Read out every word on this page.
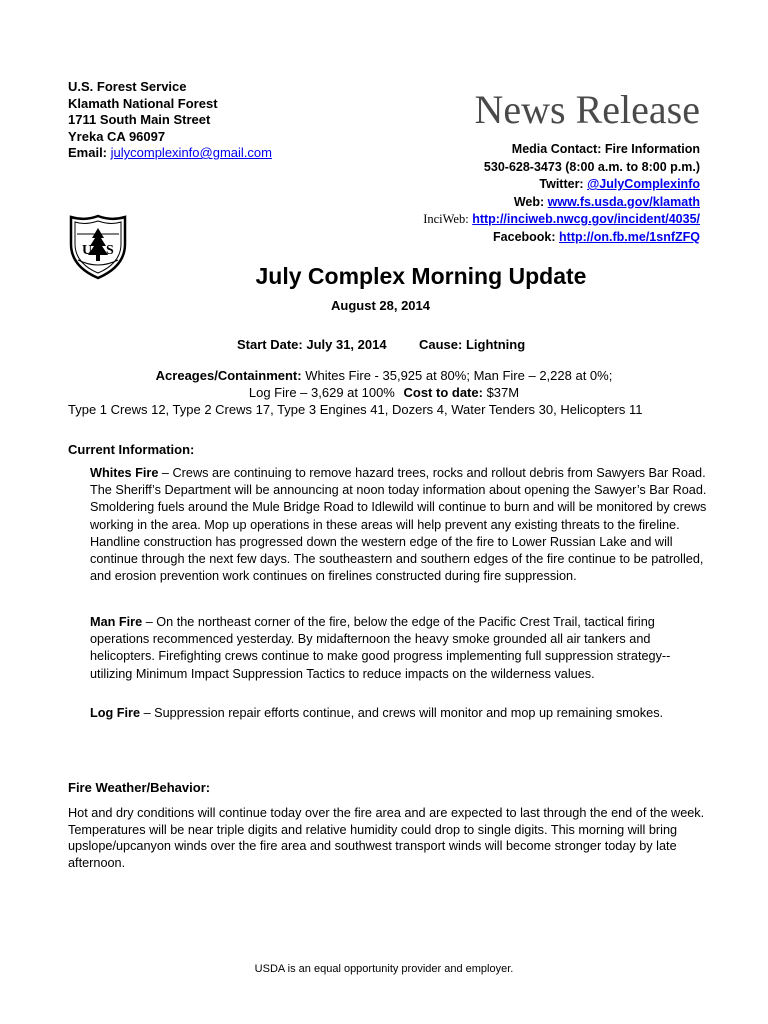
U.S. Forest Service
Klamath National Forest
1711 South Main Street
Yreka CA 96097
Email: julycomplexinfo@gmail.com
News Release
Media Contact: Fire Information
530-628-3473 (8:00 a.m. to 8:00 p.m.)
Twitter: @JulyComplexinfo
Web: www.fs.usda.gov/klamath
InciWeb: http://inciweb.nwcg.gov/incident/4035/
Facebook: http://on.fb.me/1snfZFQ
U S
July Complex Morning Update
August 28, 2014
Start Date: July 31, 2014 Cause: Lightning
Acreages/Containment: Whites Fire - 35,925 at 80%; Man Fire – 2,228 at 0%;
Log Fire – 3,629 at 100% Cost to date: $37M
Type 1 Crews 12, Type 2 Crews 17, Type 3 Engines 41, Dozers 4, Water Tenders 30, Helicopters 11
Current Information:
Whites Fire – Crews are continuing to remove hazard trees, rocks and rollout debris from Sawyers Bar Road. The Sheriff’s Department will be announcing at noon today information about opening the Sawyer’s Bar Road. Smoldering fuels around the Mule Bridge Road to Idlewild will continue to burn and will be monitored by crews working in the area. Mop up operations in these areas will help prevent any existing threats to the fireline. Handline construction has progressed down the western edge of the fire to Lower Russian Lake and will continue through the next few days. The southeastern and southern edges of the fire continue to be patrolled, and erosion prevention work continues on firelines constructed during fire suppression.
Man Fire – On the northeast corner of the fire, below the edge of the Pacific Crest Trail, tactical firing operations recommenced yesterday. By midafternoon the heavy smoke grounded all air tankers and helicopters. Firefighting crews continue to make good progress implementing full suppression strategy--utilizing Minimum Impact Suppression Tactics to reduce impacts on the wilderness values.
Log Fire – Suppression repair efforts continue, and crews will monitor and mop up remaining smokes.
Fire Weather/Behavior:
Hot and dry conditions will continue today over the fire area and are expected to last through the end of the week. Temperatures will be near triple digits and relative humidity could drop to single digits. This morning will bring upslope/upcanyon winds over the fire area and southwest transport winds will become stronger today by late afternoon.
USDA is an equal opportunity provider and employer.
